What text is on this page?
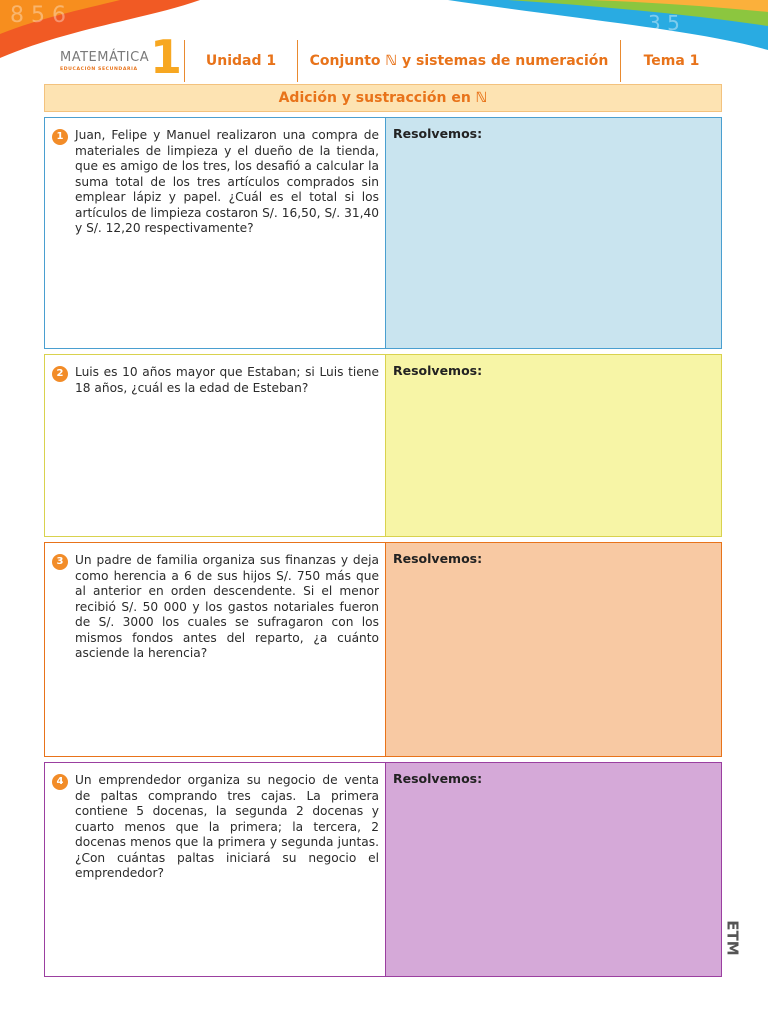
8 5 6	3 5
MATEMÁTICA
EDUCACIÓN SECUNDARIA 1	Unidad 1	Conjunto ℕ y sistemas de numeración	Tema 1
Adición y sustracción en ℕ
1 Juan, Felipe y Manuel realizaron una compra de materiales de limpieza y el dueño de la tienda, que es amigo de los tres, los desafió a calcular la suma total de los tres artículos comprados sin emplear lápiz y papel. ¿Cuál es el total si los artículos de limpieza costaron S/. 16,50, S/. 31,40 y S/. 12,20 respectivamente?
Resolvemos:
2 Luis es 10 años mayor que Estaban; si Luis tiene 18 años, ¿cuál es la edad de Esteban?
Resolvemos:
3 Un padre de familia organiza sus finanzas y deja como herencia a 6 de sus hijos S/. 750 más que al anterior en orden descendente. Si el menor recibió S/. 50 000 y los gastos notariales fueron de S/. 3000 los cuales se sufragaron con los mismos fondos antes del reparto, ¿a cuánto asciende la herencia?
Resolvemos:
4 Un emprendedor organiza su negocio de venta de paltas comprando tres cajas. La primera contiene 5 docenas, la segunda 2 docenas y cuarto menos que la primera; la tercera, 2 docenas menos que la primera y segunda juntas. ¿Con cuántas paltas iniciará su negocio el emprendedor?
Resolvemos:
ETM
